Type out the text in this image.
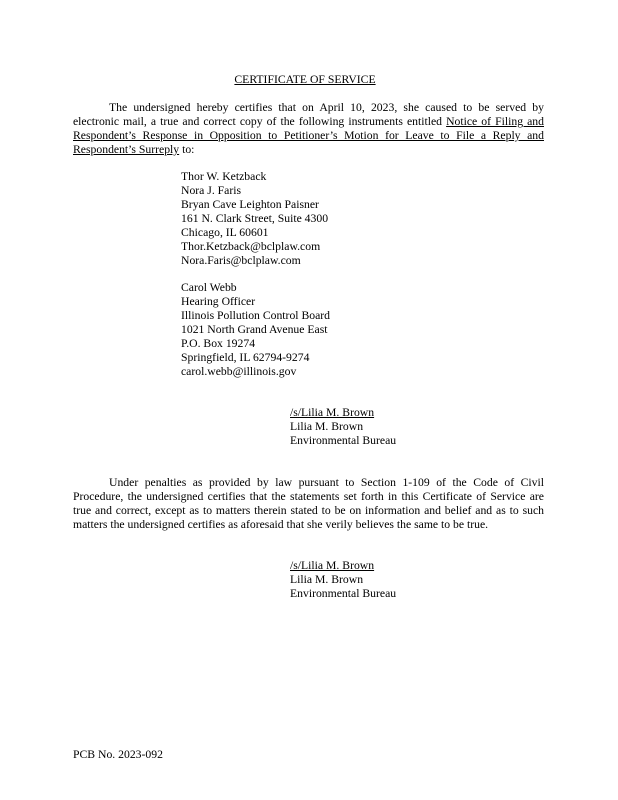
CERTIFICATE OF SERVICE
The undersigned hereby certifies that on April 10, 2023, she caused to be served by electronic mail, a true and correct copy of the following instruments entitled Notice of Filing and Respondent’s Response in Opposition to Petitioner’s Motion for Leave to File a Reply and Respondent’s Surreply to:
Thor W. Ketzback
Nora J. Faris
Bryan Cave Leighton Paisner
161 N. Clark Street, Suite 4300
Chicago, IL 60601
Thor.Ketzback@bclplaw.com
Nora.Faris@bclplaw.com
Carol Webb
Hearing Officer
Illinois Pollution Control Board
1021 North Grand Avenue East
P.O. Box 19274
Springfield, IL 62794-9274
carol.webb@illinois.gov
/s/Lilia M. Brown
Lilia M. Brown
Environmental Bureau
Under penalties as provided by law pursuant to Section 1-109 of the Code of Civil Procedure, the undersigned certifies that the statements set forth in this Certificate of Service are true and correct, except as to matters therein stated to be on information and belief and as to such matters the undersigned certifies as aforesaid that she verily believes the same to be true.
/s/Lilia M. Brown
Lilia M. Brown
Environmental Bureau
PCB No. 2023-092
